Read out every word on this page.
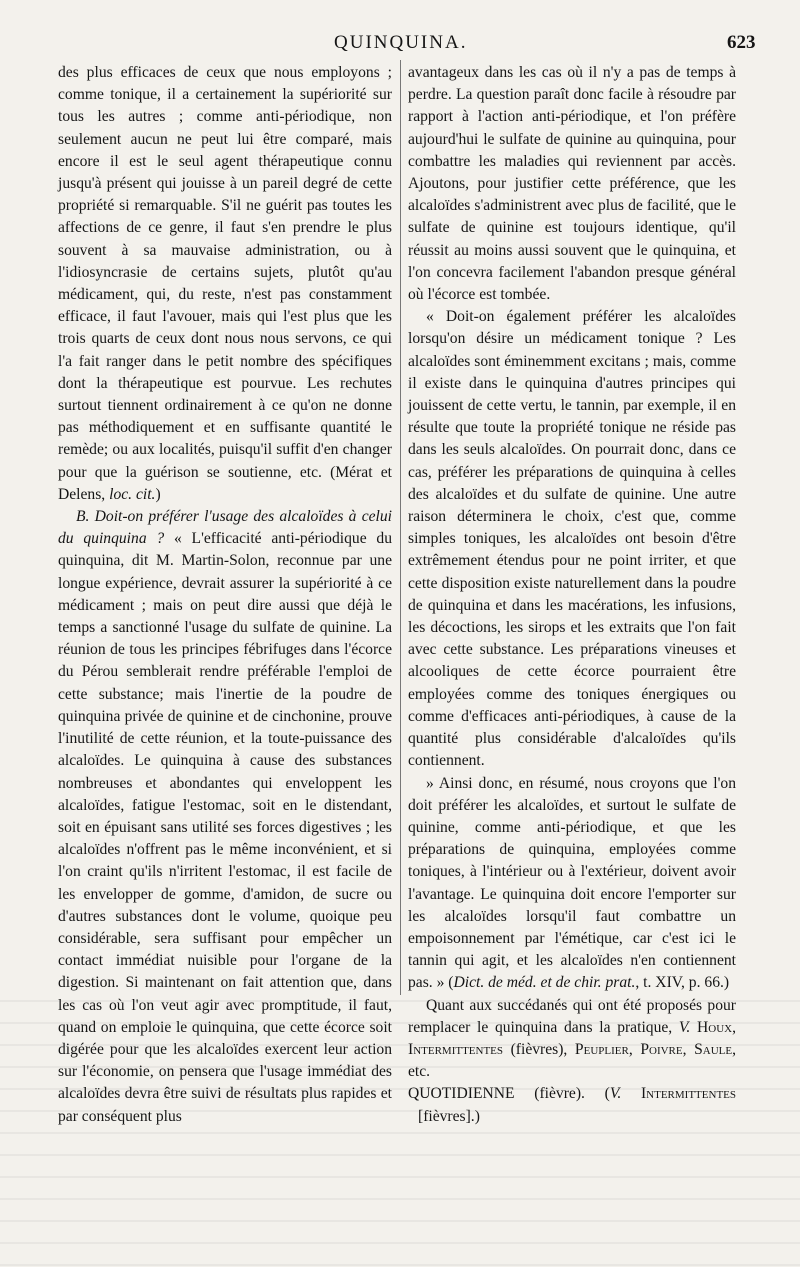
QUINQUINA.	623

des plus efficaces de ceux que nous employons ; comme tonique, il a certainement la supériorité sur tous les autres ; comme anti-périodique, non seulement aucun ne peut lui être comparé, mais encore il est le seul agent thérapeutique connu jusqu'à présent qui jouisse à un pareil degré de cette propriété si remarquable. S'il ne guérit pas toutes les affections de ce genre, il faut s'en prendre le plus souvent à sa mauvaise administration, ou à l'idiosyncrasie de certains sujets, plutôt qu'au médicament, qui, du reste, n'est pas constamment efficace, il faut l'avouer, mais qui l'est plus que les trois quarts de ceux dont nous nous servons, ce qui l'a fait ranger dans le petit nombre des spécifiques dont la thérapeutique est pourvue. Les rechutes surtout tiennent ordinairement à ce qu'on ne donne pas méthodiquement et en suffisante quantité le remède; ou aux localités, puisqu'il suffit d'en changer pour que la guérison se soutienne, etc. (Mérat et Delens, loc. cit.)

B. Doit-on préférer l'usage des alcaloïdes à celui du quinquina ? « L'efficacité anti-périodique du quinquina, dit M. Martin-Solon, reconnue par une longue expérience, devrait assurer la supériorité à ce médicament ; mais on peut dire aussi que déjà le temps a sanctionné l'usage du sulfate de quinine. La réunion de tous les principes fébrifuges dans l'écorce du Pérou semblerait rendre préférable l'emploi de cette substance; mais l'inertie de la poudre de quinquina privée de quinine et de cinchonine, prouve l'inutilité de cette réunion, et la toute-puissance des alcaloïdes. Le quinquina à cause des substances nombreuses et abondantes qui enveloppent les alcaloïdes, fatigue l'estomac, soit en le distendant, soit en épuisant sans utilité ses forces digestives ; les alcaloïdes n'offrent pas le même inconvénient, et si l'on craint qu'ils n'irritent l'estomac, il est facile de les envelopper de gomme, d'amidon, de sucre ou d'autres substances dont le volume, quoique peu considérable, sera suffisant pour empêcher un contact immédiat nuisible pour l'organe de la digestion. Si maintenant on fait attention que, dans les cas où l'on veut agir avec promptitude, il faut, quand on emploie le quinquina, que cette écorce soit digérée pour que les alcaloïdes exercent leur action sur l'économie, on pensera que l'usage immédiat des alcaloïdes devra être suivi de résultats plus rapides et par conséquent plus

avantageux dans les cas où il n'y a pas de temps à perdre. La question paraît donc facile à résoudre par rapport à l'action anti-périodique, et l'on préfère aujourd'hui le sulfate de quinine au quinquina, pour combattre les maladies qui reviennent par accès. Ajoutons, pour justifier cette préférence, que les alcaloïdes s'administrent avec plus de facilité, que le sulfate de quinine est toujours identique, qu'il réussit au moins aussi souvent que le quinquina, et l'on concevra facilement l'abandon presque général où l'écorce est tombée.

« Doit-on également préférer les alcaloïdes lorsqu'on désire un médicament tonique ? Les alcaloïdes sont éminemment excitans ; mais, comme il existe dans le quinquina d'autres principes qui jouissent de cette vertu, le tannin, par exemple, il en résulte que toute la propriété tonique ne réside pas dans les seuls alcaloïdes. On pourrait donc, dans ce cas, préférer les préparations de quinquina à celles des alcaloïdes et du sulfate de quinine. Une autre raison déterminera le choix, c'est que, comme simples toniques, les alcaloïdes ont besoin d'être extrêmement étendus pour ne point irriter, et que cette disposition existe naturellement dans la poudre de quinquina et dans les macérations, les infusions, les décoctions, les sirops et les extraits que l'on fait avec cette substance. Les préparations vineuses et alcooliques de cette écorce pourraient être employées comme des toniques énergiques ou comme d'efficaces anti-périodiques, à cause de la quantité plus considérable d'alcaloïdes qu'ils contiennent.

» Ainsi donc, en résumé, nous croyons que l'on doit préférer les alcaloïdes, et surtout le sulfate de quinine, comme anti-périodique, et que les préparations de quinquina, employées comme toniques, à l'intérieur ou à l'extérieur, doivent avoir l'avantage. Le quinquina doit encore l'emporter sur les alcaloïdes lorsqu'il faut combattre un empoisonnement par l'émétique, car c'est ici le tannin qui agit, et les alcaloïdes n'en contiennent pas. » (Dict. de méd. et de chir. prat., t. XIV, p. 66.)

Quant aux succédanés qui ont été proposés pour remplacer le quinquina dans la pratique, V. Houx, Intermittentes (fièvres), Peuplier, Poivre, Saule, etc.

QUOTIDIENNE (fièvre). (V. Intermittentes [fièvres].)
